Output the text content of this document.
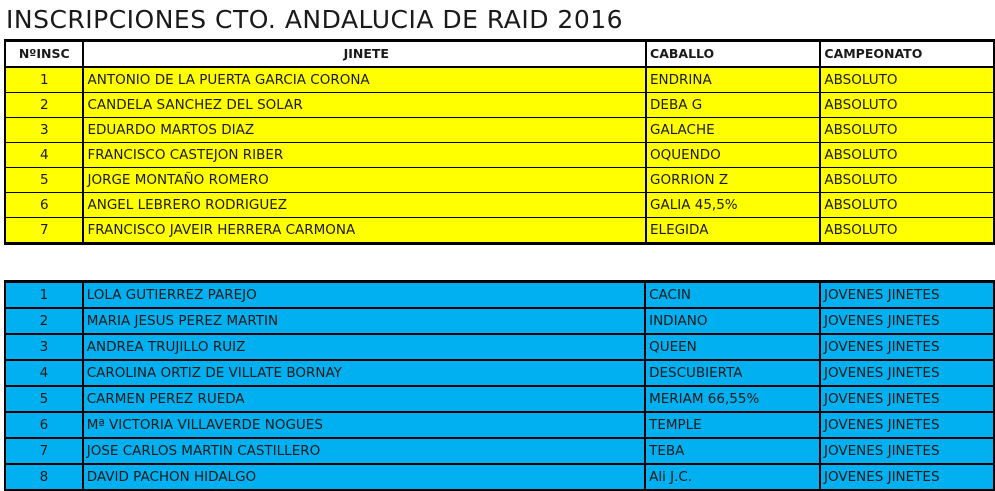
INSCRIPCIONES CTO. ANDALUCIA DE RAID 2016
NºINSC	JINETE	CABALLO	CAMPEONATO
1	ANTONIO DE LA PUERTA GARCIA CORONA	ENDRINA	ABSOLUTO
2	CANDELA SANCHEZ DEL SOLAR	DEBA G	ABSOLUTO
3	EDUARDO MARTOS DIAZ	GALACHE	ABSOLUTO
4	FRANCISCO CASTEJON RIBER	OQUENDO	ABSOLUTO
5	JORGE MONTAÑO ROMERO	GORRION Z	ABSOLUTO
6	ANGEL LEBRERO RODRIGUEZ	GALIA 45,5%	ABSOLUTO
7	FRANCISCO JAVEIR HERRERA CARMONA	ELEGIDA	ABSOLUTO
1	LOLA GUTIERREZ PAREJO	CACIN	JOVENES JINETES
2	MARIA JESUS PEREZ MARTIN	INDIANO	JOVENES JINETES
3	ANDREA TRUJILLO RUIZ	QUEEN	JOVENES JINETES
4	CAROLINA ORTIZ DE VILLATE BORNAY	DESCUBIERTA	JOVENES JINETES
5	CARMEN PEREZ RUEDA	MERIAM 66,55%	JOVENES JINETES
6	Mª VICTORIA VILLAVERDE NOGUES	TEMPLE	JOVENES JINETES
7	JOSE CARLOS MARTIN CASTILLERO	TEBA	JOVENES JINETES
8	DAVID PACHON HIDALGO	Ali J.C.	JOVENES JINETES
